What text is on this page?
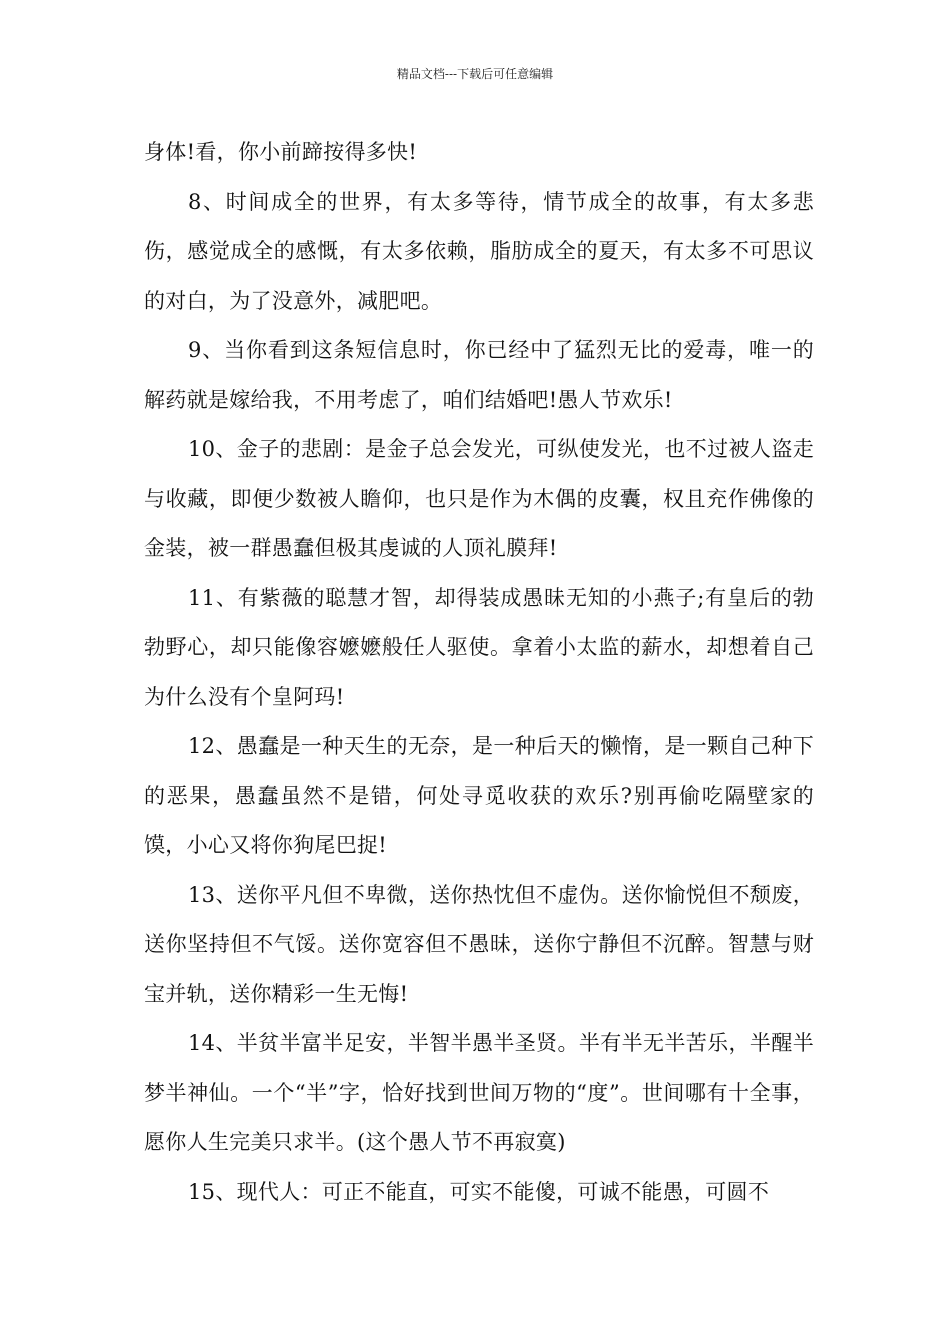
精品文档---下载后可任意编辑

身体!看，你小前蹄按得多快!

8、时间成全的世界，有太多等待，情节成全的故事，有太多悲伤，感觉成全的感慨，有太多依赖，脂肪成全的夏天，有太多不可思议的对白，为了没意外，减肥吧。

9、当你看到这条短信息时，你已经中了猛烈无比的爱毒，唯一的解药就是嫁给我，不用考虑了，咱们结婚吧!愚人节欢乐!

10、金子的悲剧：是金子总会发光，可纵使发光，也不过被人盗走与收藏，即便少数被人瞻仰，也只是作为木偶的皮囊，权且充作佛像的金装，被一群愚蠢但极其虔诚的人顶礼膜拜!

11、有紫薇的聪慧才智，却得装成愚昧无知的小燕子;有皇后的勃勃野心，却只能像容嬷嬷般任人驱使。拿着小太监的薪水，却想着自己为什么没有个皇阿玛!

12、愚蠢是一种天生的无奈，是一种后天的懒惰，是一颗自己种下的恶果，愚蠢虽然不是错，何处寻觅收获的欢乐?别再偷吃隔壁家的馍，小心又将你狗尾巴捉!

13、送你平凡但不卑微，送你热忱但不虚伪。送你愉悦但不颓废，送你坚持但不气馁。送你宽容但不愚昧，送你宁静但不沉醉。智慧与财宝并轨，送你精彩一生无悔!

14、半贫半富半足安，半智半愚半圣贤。半有半无半苦乐，半醒半梦半神仙。一个“半”字，恰好找到世间万物的“度”。世间哪有十全事，愿你人生完美只求半。(这个愚人节不再寂寞)

15、现代人：可正不能直，可实不能傻，可诚不能愚，可圆不
